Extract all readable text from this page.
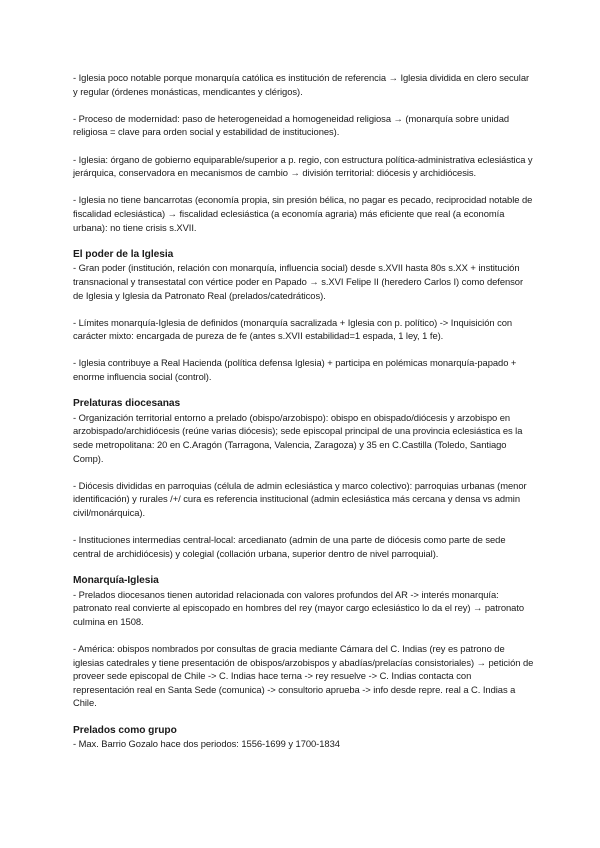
- Iglesia poco notable porque monarquía católica es institución de referencia → Iglesia dividida en clero secular y regular (órdenes monásticas, mendicantes y clérigos).

- Proceso de modernidad: paso de heterogeneidad a homogeneidad religiosa → (monarquía sobre unidad religiosa = clave para orden social y estabilidad de instituciones).

- Iglesia: órgano de gobierno equiparable/superior a p. regio, con estructura política-administrativa eclesiástica y jerárquica, conservadora en mecanismos de cambio → división territorial: diócesis y archidiócesis.

- Iglesia no tiene bancarrotas (economía propia, sin presión bélica, no pagar es pecado, reciprocidad notable de fiscalidad eclesiástica) → fiscalidad eclesiástica (a economía agraria) más eficiente que real (a economía urbana): no tiene crisis s.XVII.

El poder de la Iglesia

- Gran poder (institución, relación con monarquía, influencia social) desde s.XVII hasta 80s s.XX + institución transnacional y transestatal con vértice poder en Papado → s.XVI Felipe II (heredero Carlos I) como defensor de Iglesia y Iglesia da Patronato Real (prelados/catedráticos).

- Límites monarquía-Iglesia de definidos (monarquía sacralizada + Iglesia con p. político) -> Inquisición con carácter mixto: encargada de pureza de fe (antes s.XVII estabilidad=1 espada, 1 ley, 1 fe).

- Iglesia contribuye a Real Hacienda (política defensa Iglesia) + participa en polémicas monarquía-papado + enorme influencia social (control).

Prelaturas diocesanas

- Organización territorial entorno a prelado (obispo/arzobispo): obispo en obispado/diócesis y arzobispo en arzobispado/archidiócesis (reúne varias diócesis); sede episcopal principal de una provincia eclesiástica es la sede metropolitana: 20 en C.Aragón (Tarragona, Valencia, Zaragoza) y 35 en C.Castilla (Toledo, Santiago Comp).

- Diócesis divididas en parroquias (célula de admin eclesiástica y marco colectivo): parroquias urbanas (menor identificación) y rurales /+/ cura es referencia institucional (admin eclesiástica más cercana y densa vs admin civil/monárquica).

- Instituciones intermedias central-local: arcedianato (admin de una parte de diócesis como parte de sede central de archidiócesis) y colegial (collación urbana, superior dentro de nivel parroquial).

Monarquía-Iglesia

- Prelados diocesanos tienen autoridad relacionada con valores profundos del AR -> interés monarquía: patronato real convierte al episcopado en hombres del rey (mayor cargo eclesiástico lo da el rey) → patronato culmina en 1508.

- América: obispos nombrados por consultas de gracia mediante Cámara del C. Indias (rey es patrono de iglesias catedrales y tiene presentación de obispos/arzobispos y abadías/prelacías consistoriales) → petición de proveer sede episcopal de Chile -> C. Indias hace terna -> rey resuelve -> C. Indias contacta con representación real en Santa Sede (comunica) -> consultorio aprueba -> info desde repre. real a C. Indias a Chile.

Prelados como grupo

- Max. Barrio Gozalo hace dos periodos: 1556-1699 y 1700-1834
